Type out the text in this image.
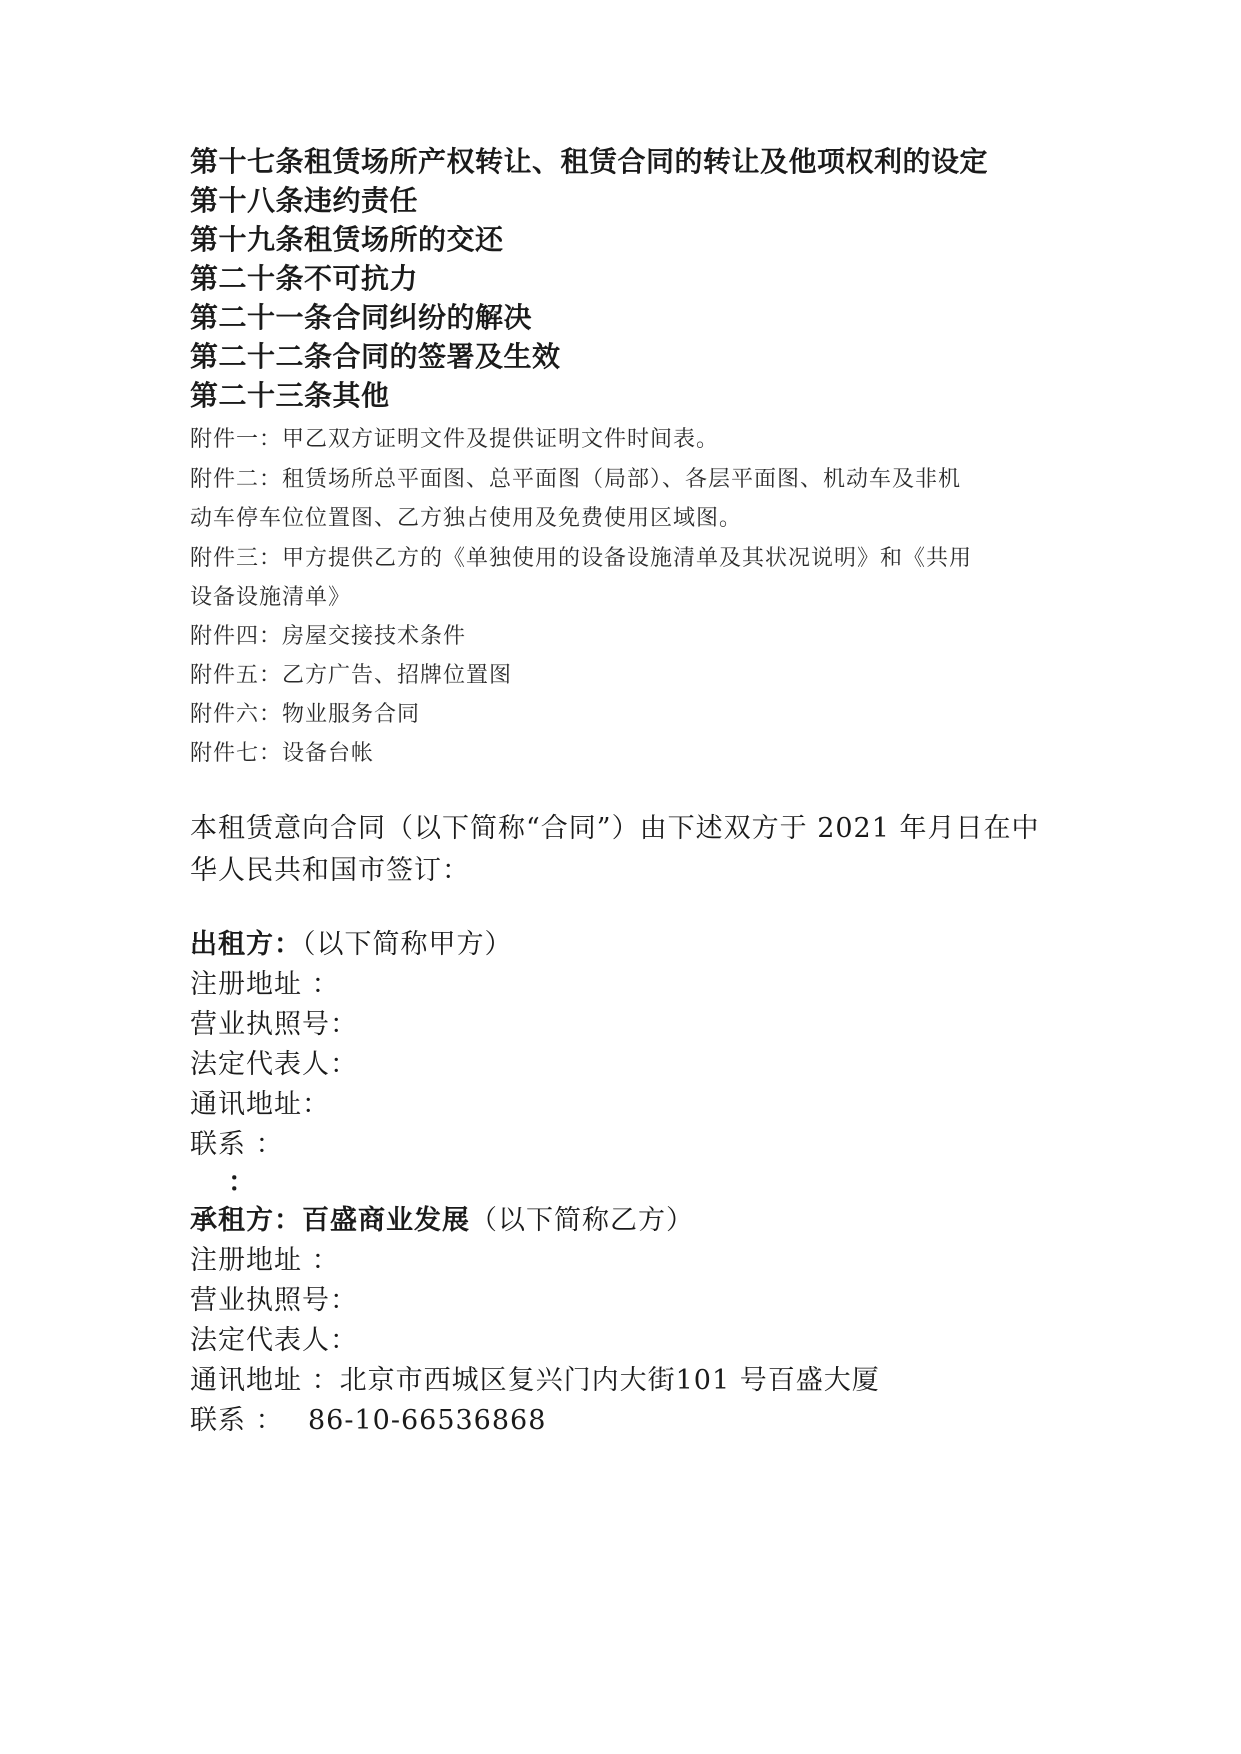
第十七条租赁场所产权转让、租赁合同的转让及他项权利的设定
第十八条违约责任
第十九条租赁场所的交还
第二十条不可抗力
第二十一条合同纠纷的解决
第二十二条合同的签署及生效
第二十三条其他
附件一：甲乙双方证明文件及提供证明文件时间表。
附件二：租赁场所总平面图、总平面图（局部）、各层平面图、机动车及非机
动车停车位位置图、乙方独占使用及免费使用区域图。
附件三：甲方提供乙方的《单独使用的设备设施清单及其状况说明》和《共用
设备设施清单》
附件四：房屋交接技术条件
附件五：乙方广告、招牌位置图
附件六：物业服务合同
附件七：设备台帐
本租赁意向合同（以下简称“合同”）由下述双方于 2021 年月日在中
华人民共和国市签订：
出租方：（以下简称甲方）
注册地址 ：
营业执照号：
法定代表人：
通讯地址：
联系 ：
：
承租方：百盛商业发展（以下简称乙方）
注册地址 ：
营业执照号：
法定代表人：
通讯地址 ：北京市西城区复兴门内大街101 号百盛大厦
联系 ： 86-10-66536868
